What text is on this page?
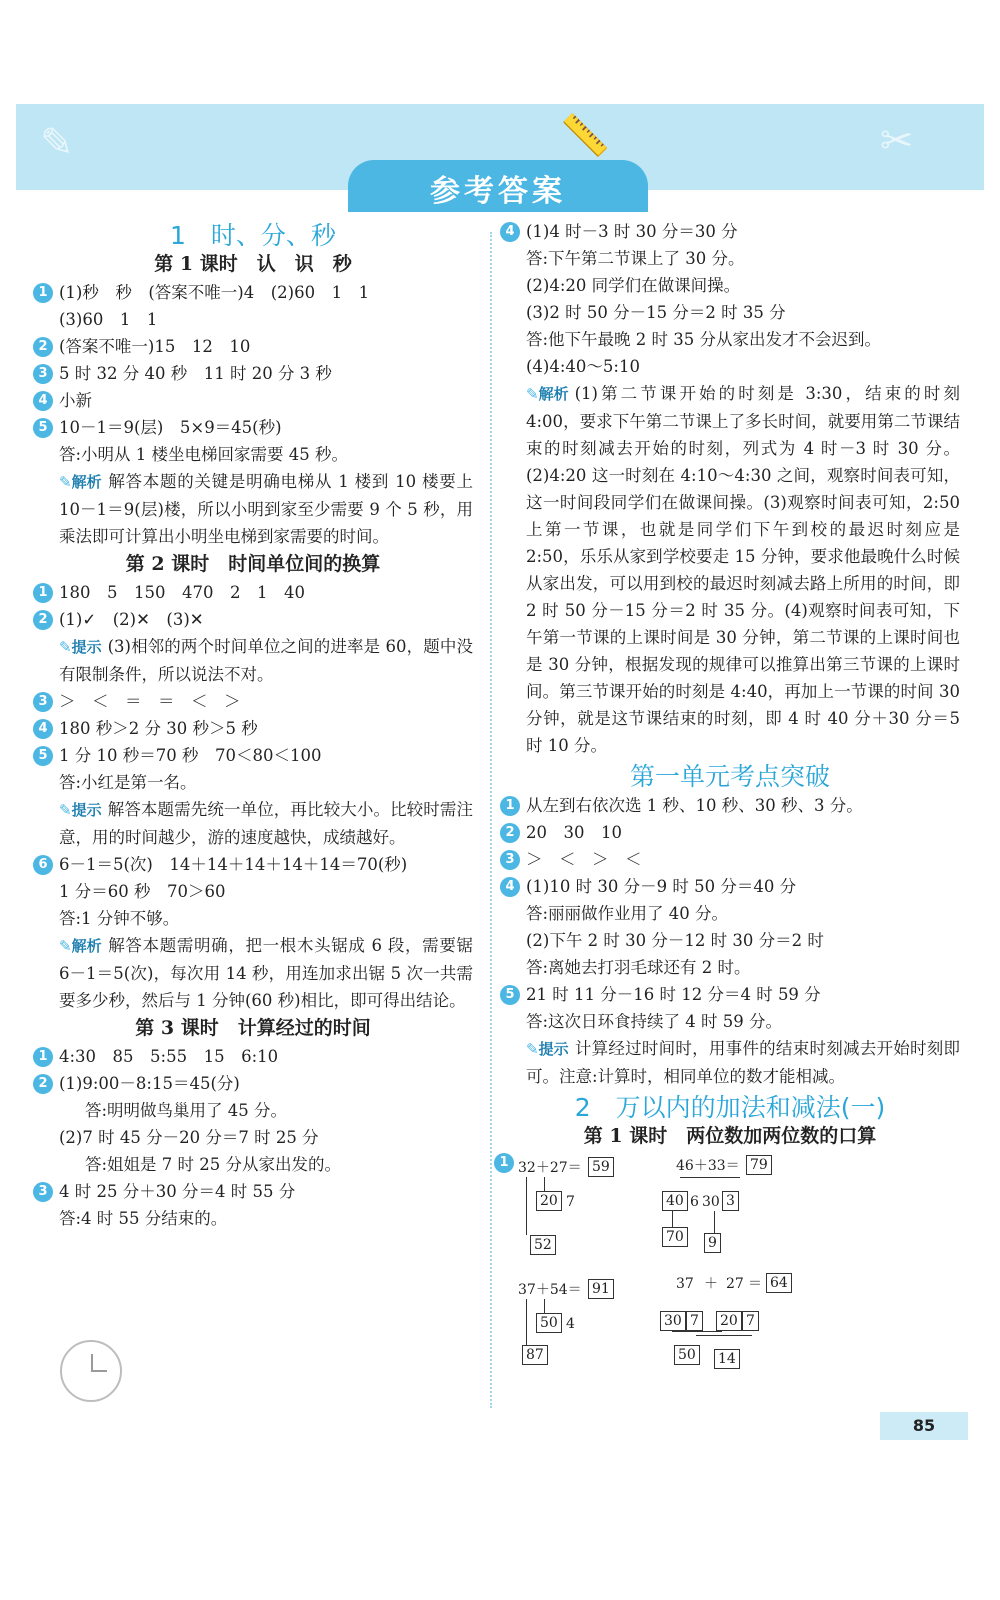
✂
✎	📏
参考答案
1　时、分、秒
第 1 课时　认　识　秒
1 (1)秒　秒　(答案不唯一)4　(2)60　1　1
(3)60　1　1
2 (答案不唯一)15　12　10
3 5 时 32 分 40 秒　11 时 20 分 3 秒
4 小新
5 10－1＝9(层)　5×9＝45(秒)
答:小明从 1 楼坐电梯回家需要 45 秒。
✎解析 解答本题的关键是明确电梯从 1 楼到 10 楼要上 10－1＝9(层)楼，所以小明到家至少需要 9 个 5 秒，用乘法即可计算出小明坐电梯到家需要的时间。
第 2 课时　时间单位间的换算
1 180　5　150　470　2　1　40
2 (1)✓　(2)✕　(3)✕
✎提示 (3)相邻的两个时间单位之间的进率是 60，题中没有限制条件，所以说法不对。
3 ＞　＜　＝　＝　＜　＞
4 180 秒＞2 分 30 秒＞5 秒
5 1 分 10 秒＝70 秒　70＜80＜100
答:小红是第一名。
✎提示 解答本题需先统一单位，再比较大小。比较时需注意，用的时间越少，游的速度越快，成绩越好。
6 6－1＝5(次)　14＋14＋14＋14＋14＝70(秒)
1 分＝60 秒　70＞60
答:1 分钟不够。
✎解析 解答本题需明确，把一根木头锯成 6 段，需要锯 6－1＝5(次)，每次用 14 秒，用连加求出锯 5 次一共需要多少秒，然后与 1 分钟(60 秒)相比，即可得出结论。
第 3 课时　计算经过的时间
1 4:30　85　5:55　15　6:10
2 (1)9:00－8:15＝45(分)
答:明明做鸟巢用了 45 分。
(2)7 时 45 分－20 分＝7 时 25 分
答:姐姐是 7 时 25 分从家出发的。
3 4 时 25 分＋30 分＝4 时 55 分
答:4 时 55 分结束的。
4 (1)4 时－3 时 30 分＝30 分
答:下午第二节课上了 30 分。
(2)4:20 同学们在做课间操。
(3)2 时 50 分－15 分＝2 时 35 分
答:他下午最晚 2 时 35 分从家出发才不会迟到。
(4)4:40～5:10
✎解析 (1)第二节课开始的时刻是 3:30，结束的时刻 4:00，要求下午第二节课上了多长时间，就要用第二节课结束的时刻减去开始的时刻，列式为 4 时－3 时 30 分。(2)4:20 这一时刻在 4:10～4:30 之间，观察时间表可知，这一时间段同学们在做课间操。(3)观察时间表可知，2:50 上第一节课，也就是同学们下午到校的最迟时刻应是 2:50，乐乐从家到学校要走 15 分钟，要求他最晚什么时候从家出发，可以用到校的最迟时刻减去路上所用的时间，即 2 时 50 分－15 分＝2 时 35 分。(4)观察时间表可知，下午第一节课的上课时间是 30 分钟，第二节课的上课时间也是 30 分钟，根据发现的规律可以推算出第三节课的上课时间。第三节课开始的时刻是 4:40，再加上一节课的时间 30 分钟，就是这节课结束的时刻，即 4 时 40 分＋30 分＝5 时 10 分。
第一单元考点突破
1 从左到右依次选 1 秒、10 秒、30 秒、3 分。
2 20　30　10
3 ＞　＜　＞　＜
4 (1)10 时 30 分－9 时 50 分＝40 分
答:丽丽做作业用了 40 分。
(2)下午 2 时 30 分－12 时 30 分＝2 时
答:离她去打羽毛球还有 2 时。
5 21 时 11 分－16 时 12 分＝4 时 59 分
答:这次日环食持续了 4 时 59 分。
✎提示 计算经过时间时，用事件的结束时刻减去开始时刻即可。注意:计算时，相同单位的数才能相减。
2　万以内的加法和减法(一)
第 1 课时　两位数加两位数的口算
1 32＋27＝ 59
20 7
52
46＋33＝ 79
40 6 30 3
70 9
37＋54＝ 91
50 4
87
37 ＋ 27 ＝ 64
30 7 20 7
50 14
85
